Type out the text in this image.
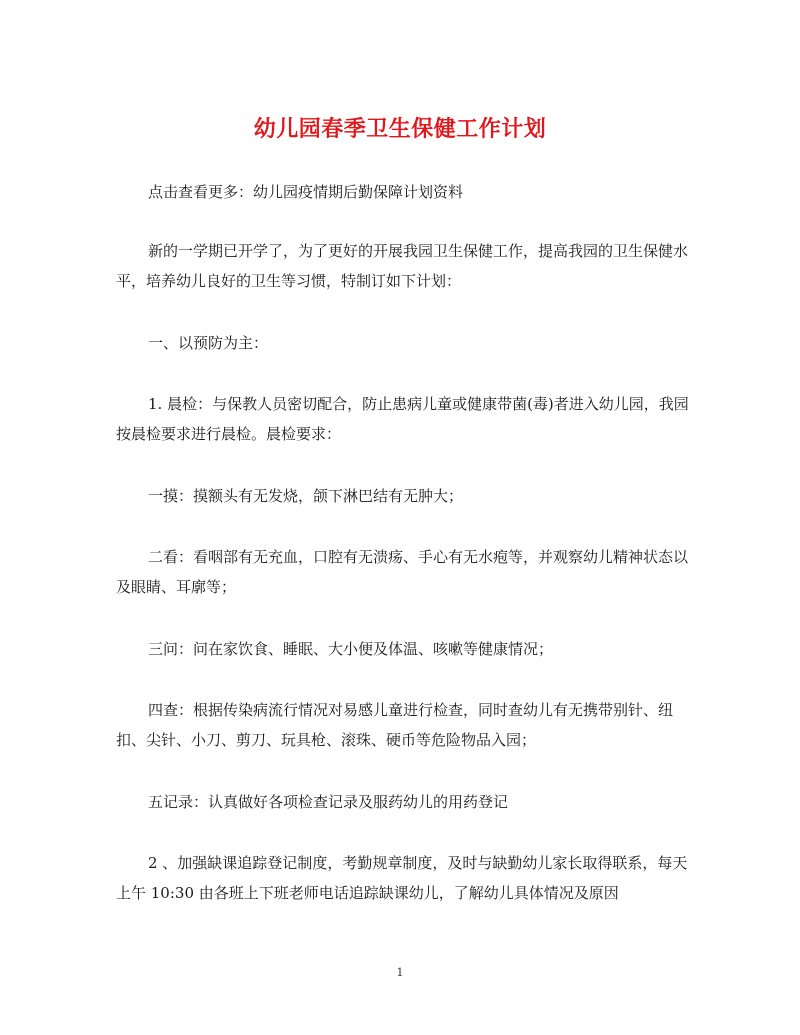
幼儿园春季卫生保健工作计划

点击查看更多：幼儿园疫情期后勤保障计划资料

新的一学期已开学了，为了更好的开展我园卫生保健工作，提高我园的卫生保健水平，培养幼儿良好的卫生等习惯，特制订如下计划：

一、以预防为主：

1. 晨检：与保教人员密切配合，防止患病儿童或健康带菌(毒)者进入幼儿园，我园按晨检要求进行晨检。晨检要求：

一摸：摸额头有无发烧，颌下淋巴结有无肿大；

二看：看咽部有无充血，口腔有无溃疡、手心有无水疱等，并观察幼儿精神状态以及眼睛、耳廓等；

三问：问在家饮食、睡眠、大小便及体温、咳嗽等健康情况；

四查：根据传染病流行情况对易感儿童进行检查，同时查幼儿有无携带别针、纽扣、尖针、小刀、剪刀、玩具枪、滚珠、硬币等危险物品入园；

五记录：认真做好各项检查记录及服药幼儿的用药登记

2 、加强缺课追踪登记制度，考勤规章制度，及时与缺勤幼儿家长取得联系，每天上午 10:30 由各班上下班老师电话追踪缺课幼儿，了解幼儿具体情况及原因

1
